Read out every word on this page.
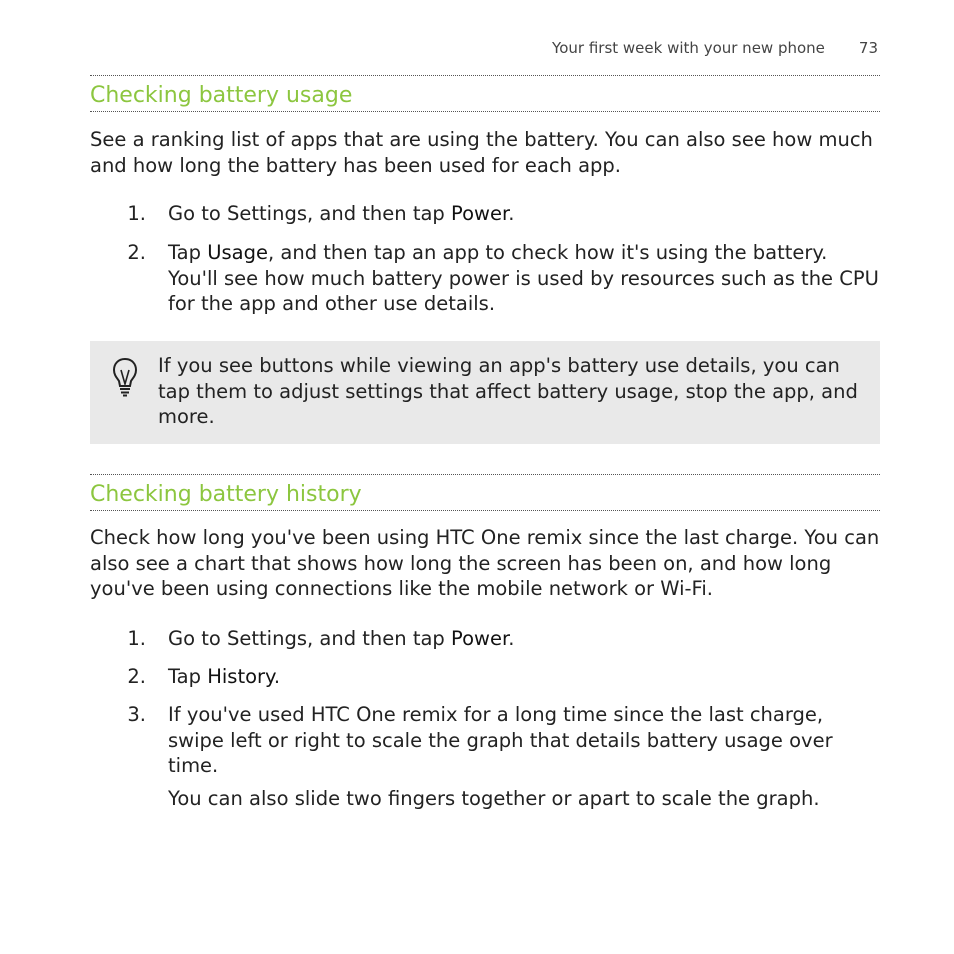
Your first week with your new phone 73
Checking battery usage

See a ranking list of apps that are using the battery. You can also see how much and how long the battery has been used for each app.

1. Go to Settings, and then tap Power.
2. Tap Usage, and then tap an app to check how it's using the battery. You'll see how much battery power is used by resources such as the CPU for the app and other use details.

If you see buttons while viewing an app's battery use details, you can tap them to adjust settings that affect battery usage, stop the app, and more.

Checking battery history

Check how long you've been using HTC One remix since the last charge. You can also see a chart that shows how long the screen has been on, and how long you've been using connections like the mobile network or Wi-Fi.

1. Go to Settings, and then tap Power.
2. Tap History.
3. If you've used HTC One remix for a long time since the last charge, swipe left or right to scale the graph that details battery usage over time.
You can also slide two fingers together or apart to scale the graph.
